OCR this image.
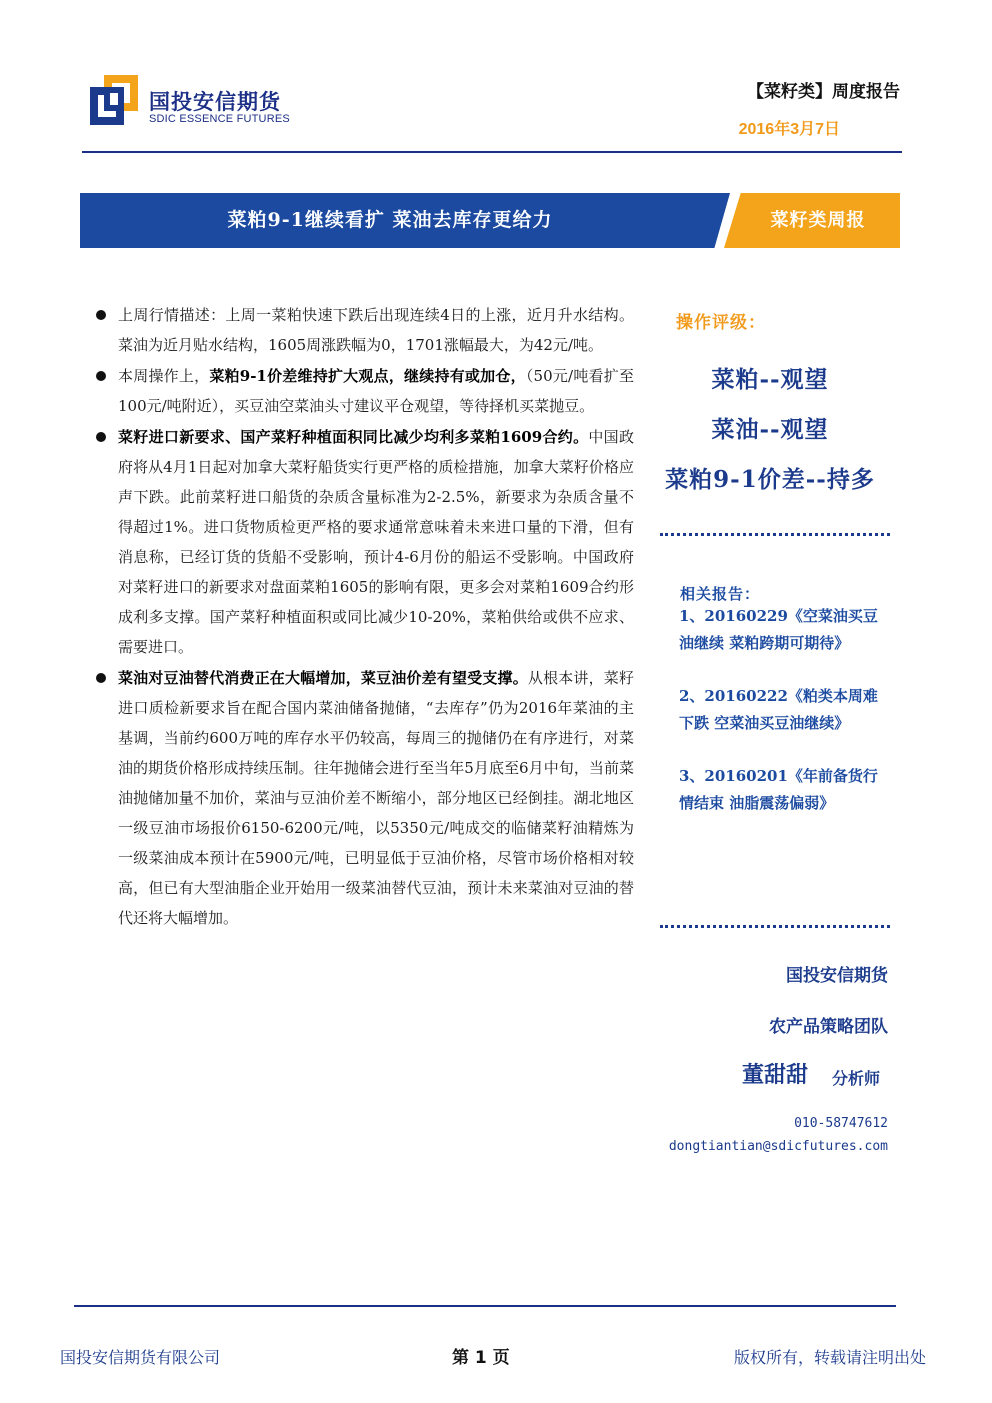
国投安信期货
SDIC ESSENCE FUTURES
【菜籽类】周度报告
2016年3月7日
菜粕9-1继续看扩 菜油去库存更给力	菜籽类周报
上周行情描述：上周一菜粕快速下跌后出现连续4日的上涨，近月升水结构。菜油为近月贴水结构，1605周涨跌幅为0，1701涨幅最大，为42元/吨。
本周操作上，菜粕9-1价差维持扩大观点，继续持有或加仓，（50元/吨看扩至100元/吨附近），买豆油空菜油头寸建议平仓观望，等待择机买菜抛豆。
菜籽进口新要求、国产菜籽种植面积同比减少均利多菜粕1609合约。中国政府将从4月1日起对加拿大菜籽船货实行更严格的质检措施，加拿大菜籽价格应声下跌。此前菜籽进口船货的杂质含量标准为2-2.5%，新要求为杂质含量不得超过1%。进口货物质检更严格的要求通常意味着未来进口量的下滑，但有消息称，已经订货的货船不受影响，预计4-6月份的船运不受影响。中国政府对菜籽进口的新要求对盘面菜粕1605的影响有限，更多会对菜粕1609合约形成利多支撑。国产菜籽种植面积或同比减少10-20%，菜粕供给或供不应求、需要进口。
菜油对豆油替代消费正在大幅增加，菜豆油价差有望受支撑。从根本讲，菜籽进口质检新要求旨在配合国内菜油储备抛储，“去库存”仍为2016年菜油的主基调，当前约600万吨的库存水平仍较高，每周三的抛储仍在有序进行，对菜油的期货价格形成持续压制。往年抛储会进行至当年5月底至6月中旬，当前菜油抛储加量不加价，菜油与豆油价差不断缩小，部分地区已经倒挂。湖北地区一级豆油市场报价6150-6200元/吨，以5350元/吨成交的临储菜籽油精炼为一级菜油成本预计在5900元/吨，已明显低于豆油价格，尽管市场价格相对较高，但已有大型油脂企业开始用一级菜油替代豆油，预计未来菜油对豆油的替代还将大幅增加。
操作评级：
菜粕--观望
菜油--观望
菜粕9-1价差--持多
相关报告：
1、20160229《空菜油买豆油继续 菜粕跨期可期待》
2、20160222《粕类本周难下跌 空菜油买豆油继续》
3、20160201《年前备货行情结束 油脂震荡偏弱》
国投安信期货
农产品策略团队
董甜甜 分析师
010-58747612
dongtiantian@sdicfutures.com
国投安信期货有限公司	第 1 页	版权所有，转载请注明出处
